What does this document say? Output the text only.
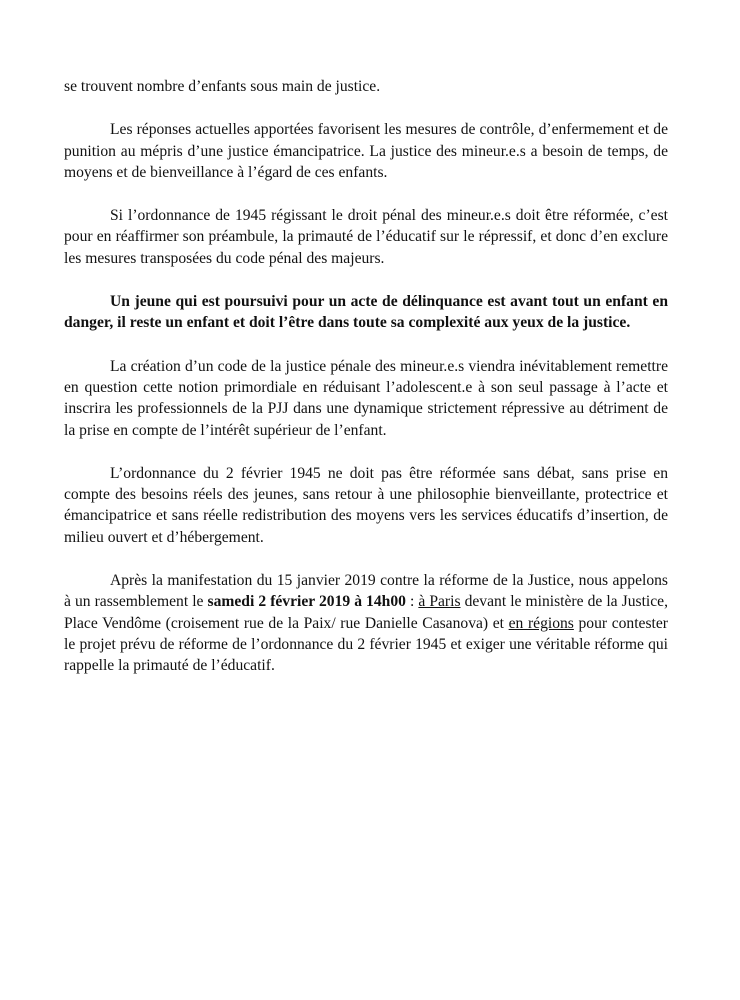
se trouvent nombre d’enfants sous main de justice.

Les réponses actuelles apportées favorisent les mesures de contrôle, d’enfermement et de punition au mépris d’une justice émancipatrice. La justice des mineur.e.s a besoin de temps, de moyens et de bienveillance à l’égard de ces enfants.

Si l’ordonnance de 1945 régissant le droit pénal des mineur.e.s doit être réformée, c’est pour en réaffirmer son préambule, la primauté de l’éducatif sur le répressif, et donc d’en exclure les mesures transposées du code pénal des majeurs.

Un jeune qui est poursuivi pour un acte de délinquance est avant tout un enfant en danger, il reste un enfant et doit l’être dans toute sa complexité aux yeux de la justice.

La création d’un code de la justice pénale des mineur.e.s viendra inévitablement remettre en question cette notion primordiale en réduisant l’adolescent.e à son seul passage à l’acte et inscrira les professionnels de la PJJ dans une dynamique strictement répressive au détriment de la prise en compte de l’intérêt supérieur de l’enfant.

L’ordonnance du 2 février 1945 ne doit pas être réformée sans débat, sans prise en compte des besoins réels des jeunes, sans retour à une philosophie bienveillante, protectrice et émancipatrice et sans réelle redistribution des moyens vers les services éducatifs d’insertion, de milieu ouvert et d’hébergement.

Après la manifestation du 15 janvier 2019 contre la réforme de la Justice, nous appelons à un rassemblement le samedi 2 février 2019 à 14h00 : à Paris devant le ministère de la Justice, Place Vendôme (croisement rue de la Paix/ rue Danielle Casanova) et en régions pour contester le projet prévu de réforme de l’ordonnance du 2 février 1945 et exiger une véritable réforme qui rappelle la primauté de l’éducatif.
